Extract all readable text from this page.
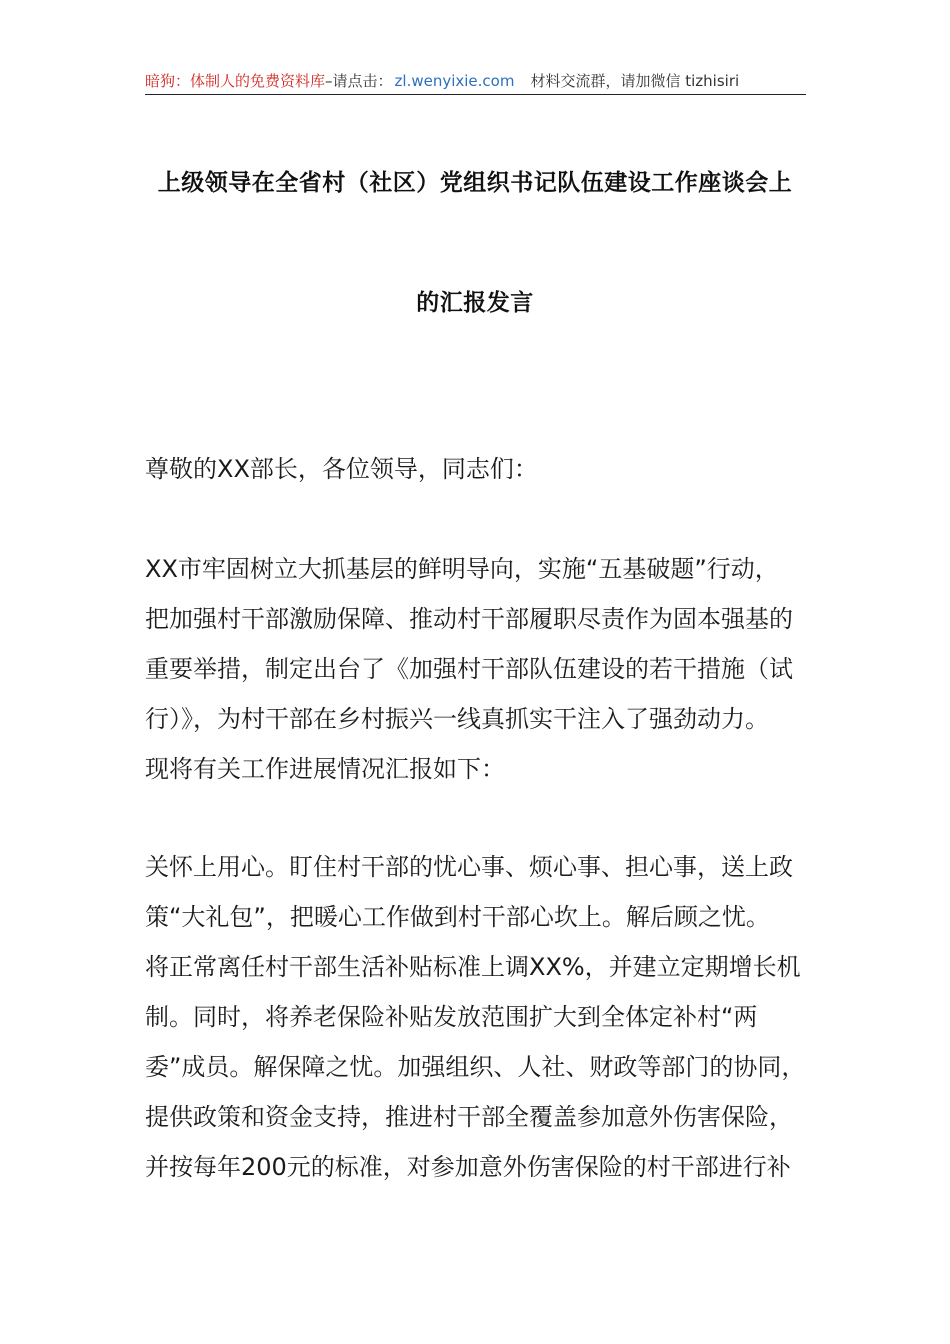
暗狗：体制人的免费资料库–请点击： zl.wenyixie.com 材料交流群，请加微信 tizhisiri
上级领导在全省村（社区）党组织书记队伍建设工作座谈会上
的汇报发言

尊敬的XX部长，各位领导，同志们：

XX市牢固树立大抓基层的鲜明导向，实施“五基破题”行动，
把加强村干部激励保障、推动村干部履职尽责作为固本强基的
重要举措，制定出台了《加强村干部队伍建设的若干措施（试
行）》，为村干部在乡村振兴一线真抓实干注入了强劲动力。
现将有关工作进展情况汇报如下：

关怀上用心。盯住村干部的忧心事、烦心事、担心事，送上政
策“大礼包”，把暖心工作做到村干部心坎上。解后顾之忧。
将正常离任村干部生活补贴标准上调XX%，并建立定期增长机
制。同时，将养老保险补贴发放范围扩大到全体定补村“两
委”成员。解保障之忧。加强组织、人社、财政等部门的协同，
提供政策和资金支持，推进村干部全覆盖参加意外伤害保险，
并按每年200元的标准，对参加意外伤害保险的村干部进行补
